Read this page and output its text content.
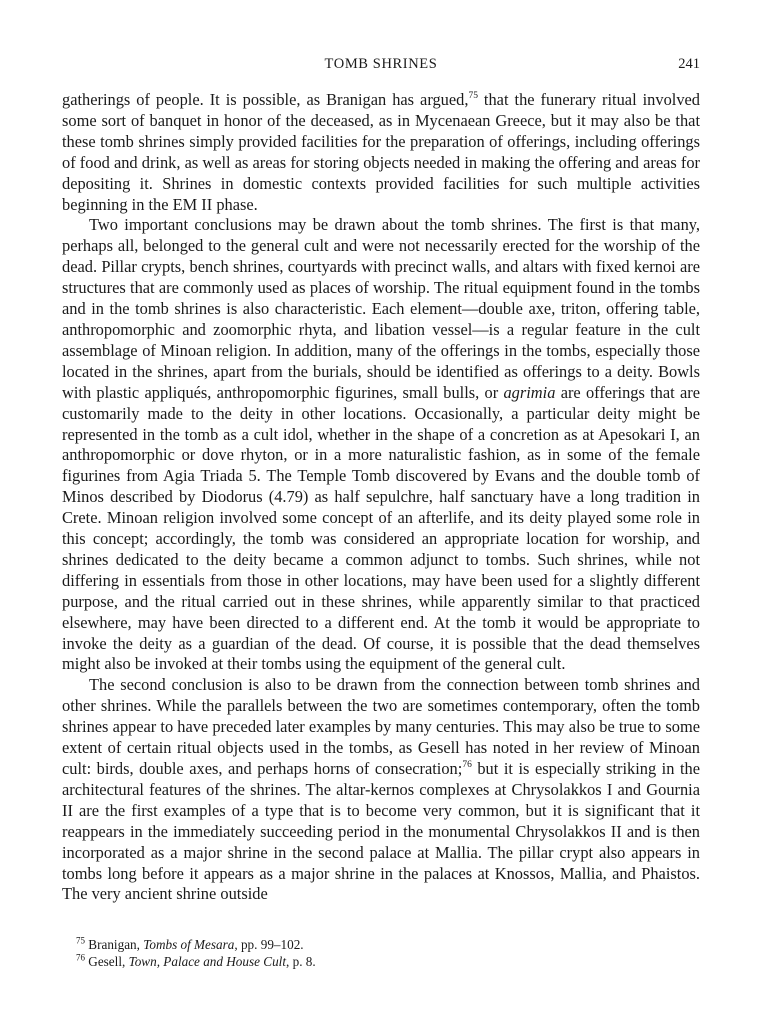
TOMB SHRINES	241

gatherings of people. It is possible, as Branigan has argued,$^{75}$ that the funerary ritual involved some sort of banquet in honor of the deceased, as in Mycenaean Greece, but it may also be that these tomb shrines simply provided facilities for the preparation of offerings, including offerings of food and drink, as well as areas for storing objects needed in making the offering and areas for depositing it. Shrines in domestic contexts provided facilities for such multiple activities beginning in the EM II phase.

Two important conclusions may be drawn about the tomb shrines. The first is that many, perhaps all, belonged to the general cult and were not necessarily erected for the worship of the dead. Pillar crypts, bench shrines, courtyards with precinct walls, and altars with fixed kernoi are structures that are commonly used as places of worship. The ritual equipment found in the tombs and in the tomb shrines is also characteristic. Each element—double axe, triton, offering table, anthropomorphic and zoomorphic rhyta, and libation vessel—is a regular feature in the cult assemblage of Minoan religion. In addition, many of the offerings in the tombs, especially those located in the shrines, apart from the burials, should be identified as offerings to a deity. Bowls with plastic appliqués, anthropomorphic figurines, small bulls, or agrimia are offerings that are customarily made to the deity in other locations. Occasionally, a particular deity might be represented in the tomb as a cult idol, whether in the shape of a concretion as at Apesokari I, an anthropomorphic or dove rhyton, or in a more naturalistic fashion, as in some of the female figurines from Agia Triada 5. The Temple Tomb discovered by Evans and the double tomb of Minos described by Diodorus (4.79) as half sepulchre, half sanctuary have a long tradition in Crete. Minoan religion involved some concept of an afterlife, and its deity played some role in this concept; accordingly, the tomb was considered an appropriate location for worship, and shrines dedicated to the deity became a common adjunct to tombs. Such shrines, while not differing in essentials from those in other locations, may have been used for a slightly different purpose, and the ritual carried out in these shrines, while apparently similar to that practiced elsewhere, may have been directed to a different end. At the tomb it would be appropriate to invoke the deity as a guardian of the dead. Of course, it is possible that the dead themselves might also be invoked at their tombs using the equipment of the general cult.

The second conclusion is also to be drawn from the connection between tomb shrines and other shrines. While the parallels between the two are sometimes contemporary, often the tomb shrines appear to have preceded later examples by many centuries. This may also be true to some extent of certain ritual objects used in the tombs, as Gesell has noted in her review of Minoan cult: birds, double axes, and perhaps horns of consecration;$^{76}$ but it is especially striking in the architectural features of the shrines. The altar-kernos complexes at Chrysolakkos I and Gournia II are the first examples of a type that is to become very common, but it is significant that it reappears in the immediately succeeding period in the monumental Chrysolakkos II and is then incorporated as a major shrine in the second palace at Mallia. The pillar crypt also appears in tombs long before it appears as a major shrine in the palaces at Knossos, Mallia, and Phaistos. The very ancient shrine outside

$^{75}$ Branigan, Tombs of Mesara, pp. 99–102.

$^{76}$ Gesell, Town, Palace and House Cult, p. 8.
